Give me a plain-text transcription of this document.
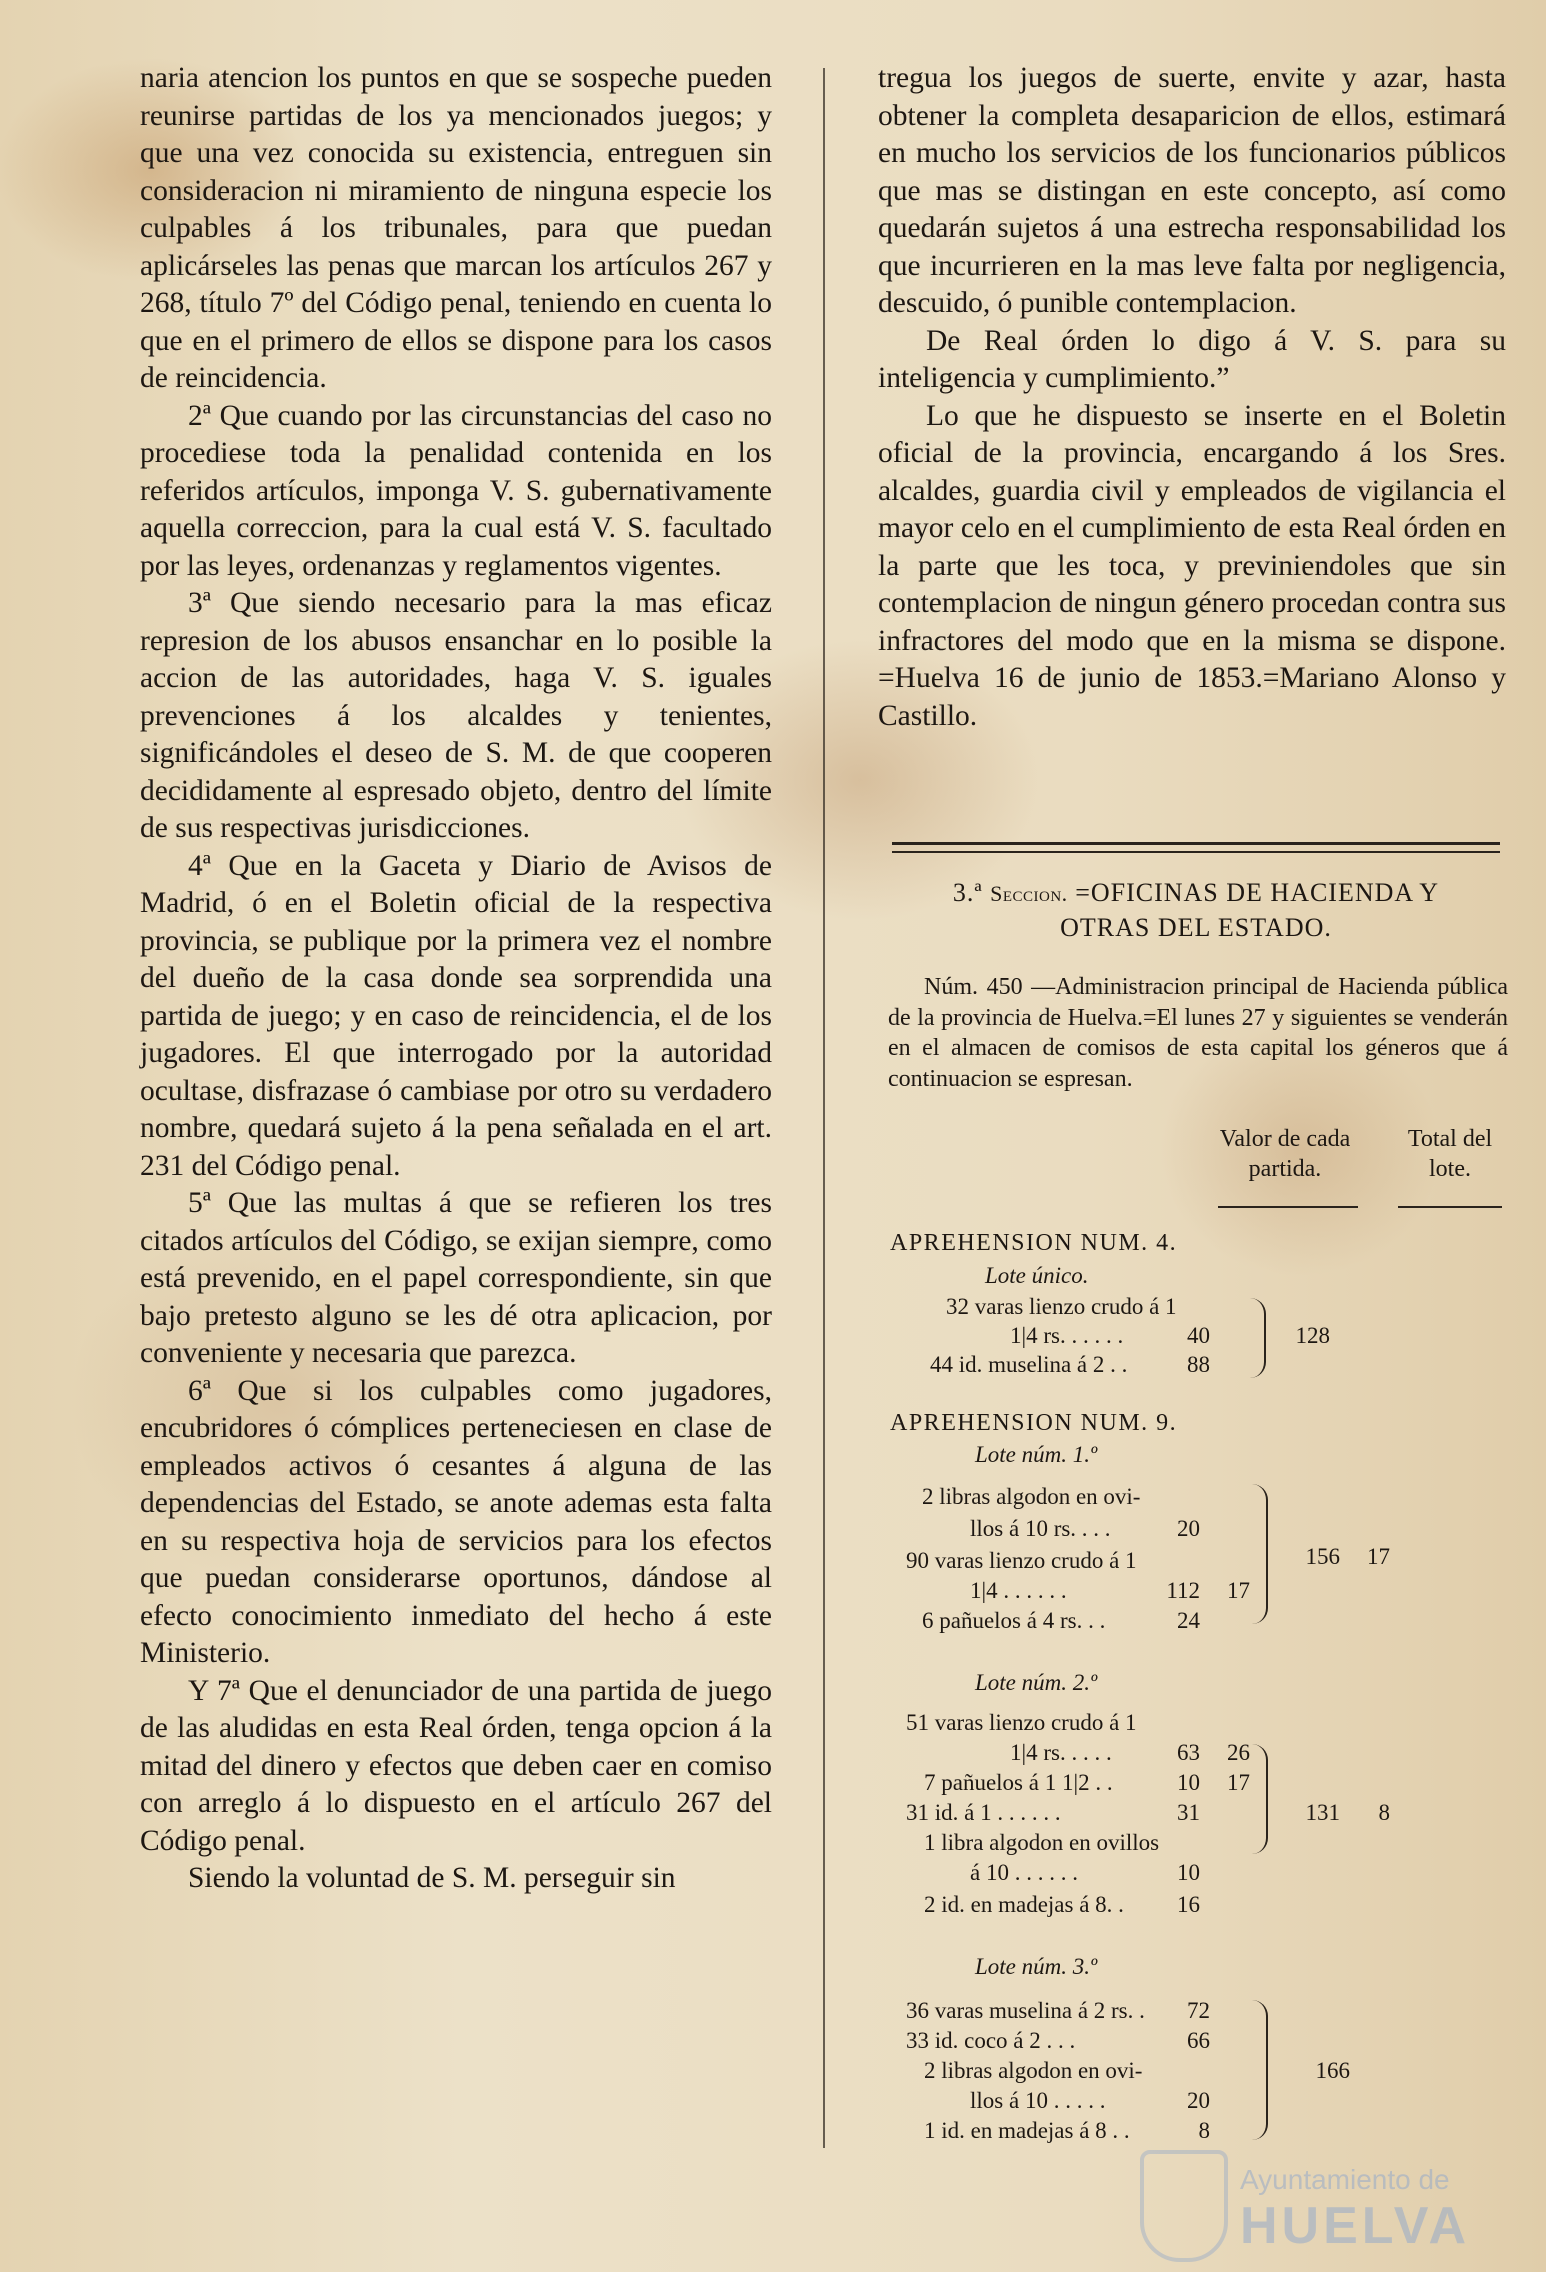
naria atencion los puntos en que se sospeche pueden reunirse partidas de los ya mencionados juegos; y que una vez conocida su existencia, entreguen sin consideracion ni miramiento de ninguna especie los culpables á los tribunales, para que puedan aplicárseles las penas que marcan los artículos 267 y 268, título 7º del Código penal, teniendo en cuenta lo que en el primero de ellos se dispone para los casos de reincidencia.

2ª Que cuando por las circunstancias del caso no procediese toda la penalidad contenida en los referidos artículos, imponga V. S. gubernativamente aquella correccion, para la cual está V. S. facultado por las leyes, ordenanzas y reglamentos vigentes.

3ª Que siendo necesario para la mas eficaz represion de los abusos ensanchar en lo posible la accion de las autoridades, haga V. S. iguales prevenciones á los alcaldes y tenientes, significándoles el deseo de S. M. de que cooperen decididamente al espresado objeto, dentro del límite de sus respectivas jurisdicciones.

4ª Que en la Gaceta y Diario de Avisos de Madrid, ó en el Boletin oficial de la respectiva provincia, se publique por la primera vez el nombre del dueño de la casa donde sea sorprendida una partida de juego; y en caso de reincidencia, el de los jugadores. El que interrogado por la autoridad ocultase, disfrazase ó cambiase por otro su verdadero nombre, quedará sujeto á la pena señalada en el art. 231 del Código penal.

5ª Que las multas á que se refieren los tres citados artículos del Código, se exijan siempre, como está prevenido, en el papel correspondiente, sin que bajo pretesto alguno se les dé otra aplicacion, por conveniente y necesaria que parezca.

6ª Que si los culpables como jugadores, encubridores ó cómplices perteneciesen en clase de empleados activos ó cesantes á alguna de las dependencias del Estado, se anote ademas esta falta en su respectiva hoja de servicios para los efectos que puedan considerarse oportunos, dándose al efecto conocimiento inmediato del hecho á este Ministerio.

Y 7ª Que el denunciador de una partida de juego de las aludidas en esta Real órden, tenga opcion á la mitad del dinero y efectos que deben caer en comiso con arreglo á lo dispuesto en el artículo 267 del Código penal.

Siendo la voluntad de S. M. perseguir sin

tregua los juegos de suerte, envite y azar, hasta obtener la completa desaparicion de ellos, estimará en mucho los servicios de los funcionarios públicos que mas se distingan en este concepto, así como quedarán sujetos á una estrecha responsabilidad los que incurrieren en la mas leve falta por negligencia, descuido, ó punible contemplacion.

De Real órden lo digo á V. S. para su inteligencia y cumplimiento.”

Lo que he dispuesto se inserte en el Boletin oficial de la provincia, encargando á los Sres. alcaldes, guardia civil y empleados de vigilancia el mayor celo en el cumplimiento de esta Real órden en la parte que les toca, y previniendoles que sin contemplacion de ningun género procedan contra sus infractores del modo que en la misma se dispone. =Huelva 16 de junio de 1853.=Mariano Alonso y Castillo.

3.ª Seccion. =OFICINAS DE HACIENDA Y
OTRAS DEL ESTADO.
Núm. 450 —Administracion principal de Hacienda pública de la provincia de Huelva.=El lunes 27 y siguientes se venderán en el almacen de comisos de esta capital los géneros que á continuacion se espresan.
Valor de cada partida.
Total del lote.
APREHENSION NUM. 4.
Lote único.
32 varas lienzo crudo á 1
1|4 rs. . . . . .	40
44 id. muselina á 2 . .	88
128
APREHENSION NUM. 9.
Lote núm. 1.º
2 libras algodon en ovi-
llos á 10 rs. . . .	20
90 varas lienzo crudo á 1
1|4 . . . . . .	112	17
6 pañuelos á 4 rs. . .	24
156	17
Lote núm. 2.º
51 varas lienzo crudo á 1
1|4 rs. . . . .	63	26
7 pañuelos á 1 1|2 . .	10	17
31 id. á 1 . . . . . .	31
1 libra algodon en ovillos
á 10 . . . . . .	10
2 id. en madejas á 8. .	16
131	8
Lote núm. 3.º
36 varas muselina á 2 rs. .	72
33 id. coco á 2 . . .	66
2 libras algodon en ovi-
llos á 10 . . . . .	20
1 id. en madejas á 8 . .	8
166
Ayuntamiento de
HUELVA
